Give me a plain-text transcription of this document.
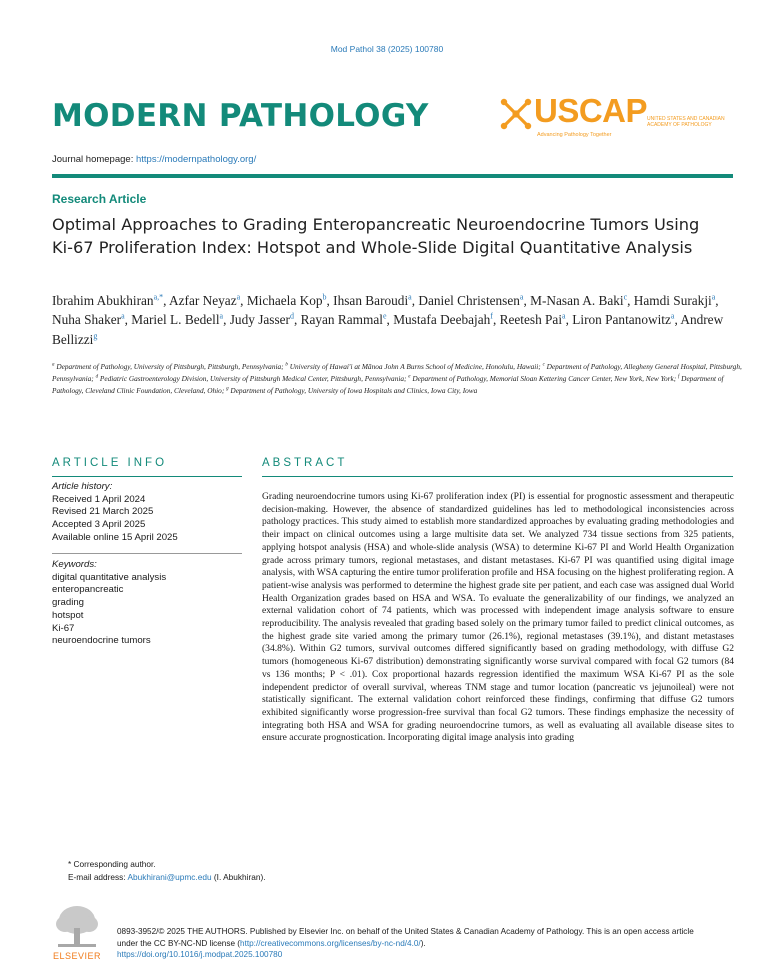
Mod Pathol 38 (2025) 100780
MODERN PATHOLOGY	USCAP UNITED STATES AND CANADIAN
ACADEMY OF PATHOLOGY
Advancing Pathology Together
Journal homepage: https://modernpathology.org/
Research Article
Optimal Approaches to Grading Enteropancreatic Neuroendocrine Tumors Using Ki-67 Proliferation Index: Hotspot and Whole-Slide Digital Quantitative Analysis
Ibrahim Abukhiran$^{a,*}$, Azfar Neyaz$^a$, Michaela Kop$^b$, Ihsan Baroudi$^a$, Daniel Christensen$^a$, M-Nasan A. Baki$^c$, Hamdi Surakji$^a$, Nuha Shaker$^a$, Mariel L. Bedell$^a$, Judy Jasser$^d$, Rayan Rammal$^e$, Mustafa Deebajah$^f$, Reetesh Pai$^a$, Liron Pantanowitz$^a$, Andrew Bellizzi$^g$
$^a$ Department of Pathology, University of Pittsburgh, Pittsburgh, Pennsylvania; $^b$ University of Hawai'i at Mānoa John A Burns School of Medicine, Honolulu, Hawaii; $^c$ Department of Pathology, Allegheny General Hospital, Pittsburgh, Pennsylvania; $^d$ Pediatric Gastroenterology Division, University of Pittsburgh Medical Center, Pittsburgh, Pennsylvania; $^e$ Department of Pathology, Memorial Sloan Kettering Cancer Center, New York, New York; $^f$ Department of Pathology, Cleveland Clinic Foundation, Cleveland, Ohio; $^g$ Department of Pathology, University of Iowa Hospitals and Clinics, Iowa City, Iowa
ARTICLE INFO	ABSTRACT
Article history:
Received 1 April 2024
Revised 21 March 2025
Accepted 3 April 2025
Available online 15 April 2025
Keywords:
digital quantitative analysis
enteropancreatic
grading
hotspot
Ki-67
neuroendocrine tumors
Grading neuroendocrine tumors using Ki-67 proliferation index (PI) is essential for prognostic assessment and therapeutic decision-making. However, the absence of standardized guidelines has led to methodological inconsistencies across pathology practices. This study aimed to establish more standardized approaches by evaluating grading methodologies and their impact on clinical outcomes using a large multisite data set. We analyzed 734 tissue sections from 325 patients, applying hotspot analysis (HSA) and whole-slide analysis (WSA) to determine Ki-67 PI and World Health Organization grade across primary tumors, regional metastases, and distant metastases. Ki-67 PI was quantified using digital image analysis, with WSA capturing the entire tumor proliferation profile and HSA focusing on the highest proliferating region. A patient-wise analysis was performed to determine the highest grade site per patient, and each case was assigned dual World Health Organization grades based on HSA and WSA. To evaluate the generalizability of our findings, we analyzed an external validation cohort of 74 patients, which was processed with independent image analysis software to ensure reproducibility. The analysis revealed that grading based solely on the primary tumor failed to predict clinical outcomes, as the highest grade site varied among the primary tumor (26.1%), regional metastases (39.1%), and distant metastases (34.8%). Within G2 tumors, survival outcomes differed significantly based on grading methodology, with diffuse G2 tumors (homogeneous Ki-67 distribution) demonstrating significantly worse survival compared with focal G2 tumors (84 vs 136 months; P < .01). Cox proportional hazards regression identified the maximum WSA Ki-67 PI as the sole independent predictor of overall survival, whereas TNM stage and tumor location (pancreatic vs jejunoileal) were not statistically significant. The external validation cohort reinforced these findings, confirming that diffuse G2 tumors exhibited significantly worse progression-free survival than focal G2 tumors. These findings emphasize the necessity of integrating both HSA and WSA for grading neuroendocrine tumors, as well as evaluating all available disease sites to ensure accurate prognostication. Incorporating digital image analysis into grading
* Corresponding author.
E-mail address: Abukhirani@upmc.edu (I. Abukhiran).
ELSEVIER
0893-3952/© 2025 THE AUTHORS. Published by Elsevier Inc. on behalf of the United States & Canadian Academy of Pathology. This is an open access article
under the CC BY-NC-ND license (http://creativecommons.org/licenses/by-nc-nd/4.0/).
https://doi.org/10.1016/j.modpat.2025.100780
